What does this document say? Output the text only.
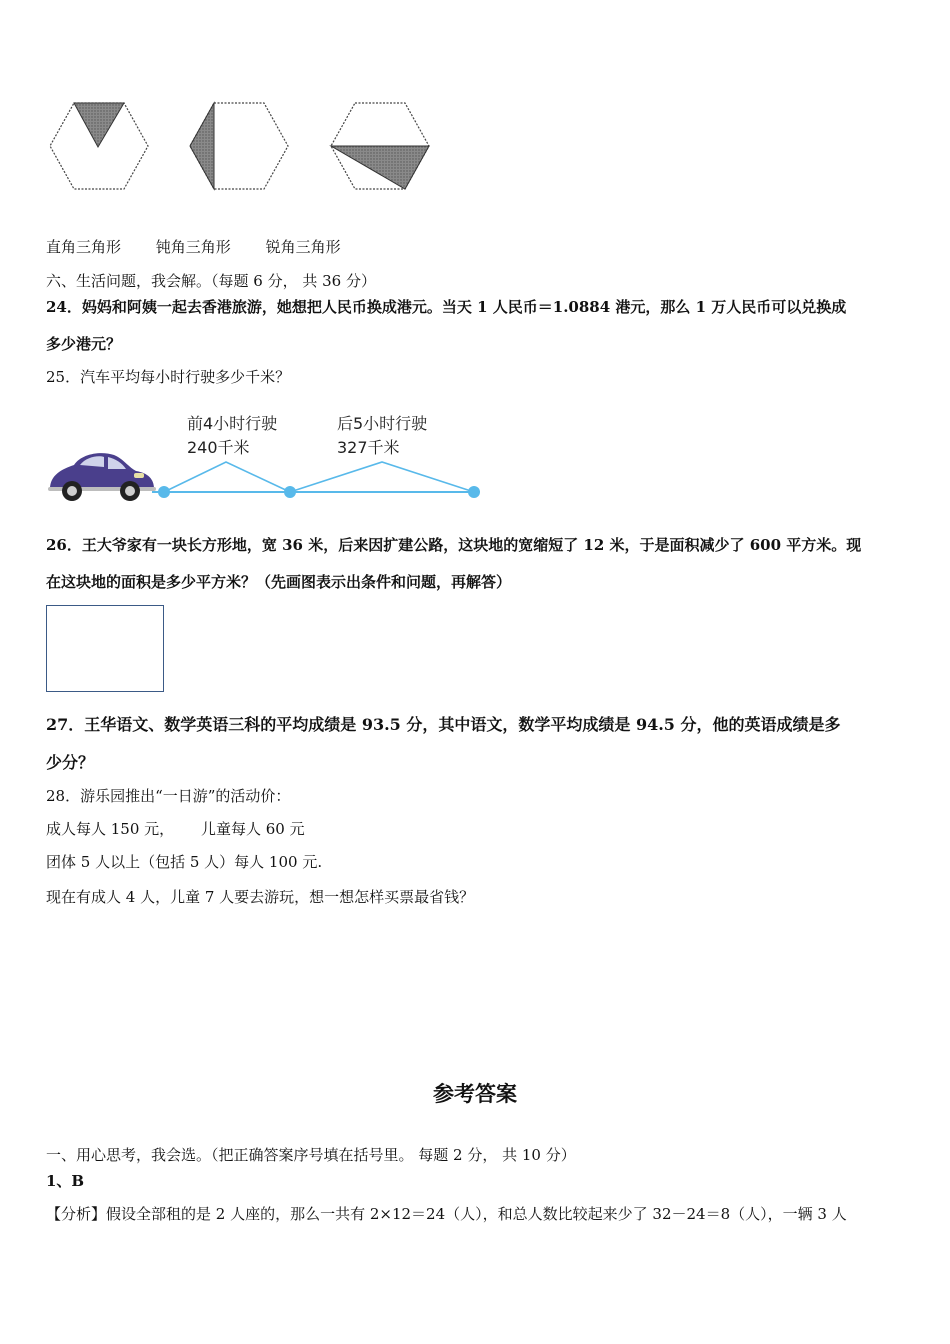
直角三角形 钝角三角形 锐角三角形
六、生活问题，我会解。（每题 6 分， 共 36 分）
24．妈妈和阿姨一起去香港旅游，她想把人民币换成港元。当天 1 人民币＝1.0884 港元，那么 1 万人民币可以兑换成
多少港元？
25．汽车平均每小时行驶多少千米？
前4小时行驶
240千米
后5小时行驶
327千米
26．王大爷家有一块长方形地，宽 36 米，后来因扩建公路，这块地的宽缩短了 12 米，于是面积减少了 600 平方米。现
在这块地的面积是多少平方米？（先画图表示出条件和问题，再解答）
27．王华语文、数学英语三科的平均成绩是 93.5 分，其中语文，数学平均成绩是 94.5 分，他的英语成绩是多
少分？
28．游乐园推出“一日游”的活动价：
成人每人 150 元， 儿童每人 60 元
团体 5 人以上（包括 5 人）每人 100 元.
现在有成人 4 人，儿童 7 人要去游玩，想一想怎样买票最省钱？
参考答案
一、用心思考，我会选。（把正确答案序号填在括号里。 每题 2 分， 共 10 分）
1、B
【分析】假设全部租的是 2 人座的，那么一共有 2×12＝24（人），和总人数比较起来少了 32－24＝8（人），一辆 3 人
